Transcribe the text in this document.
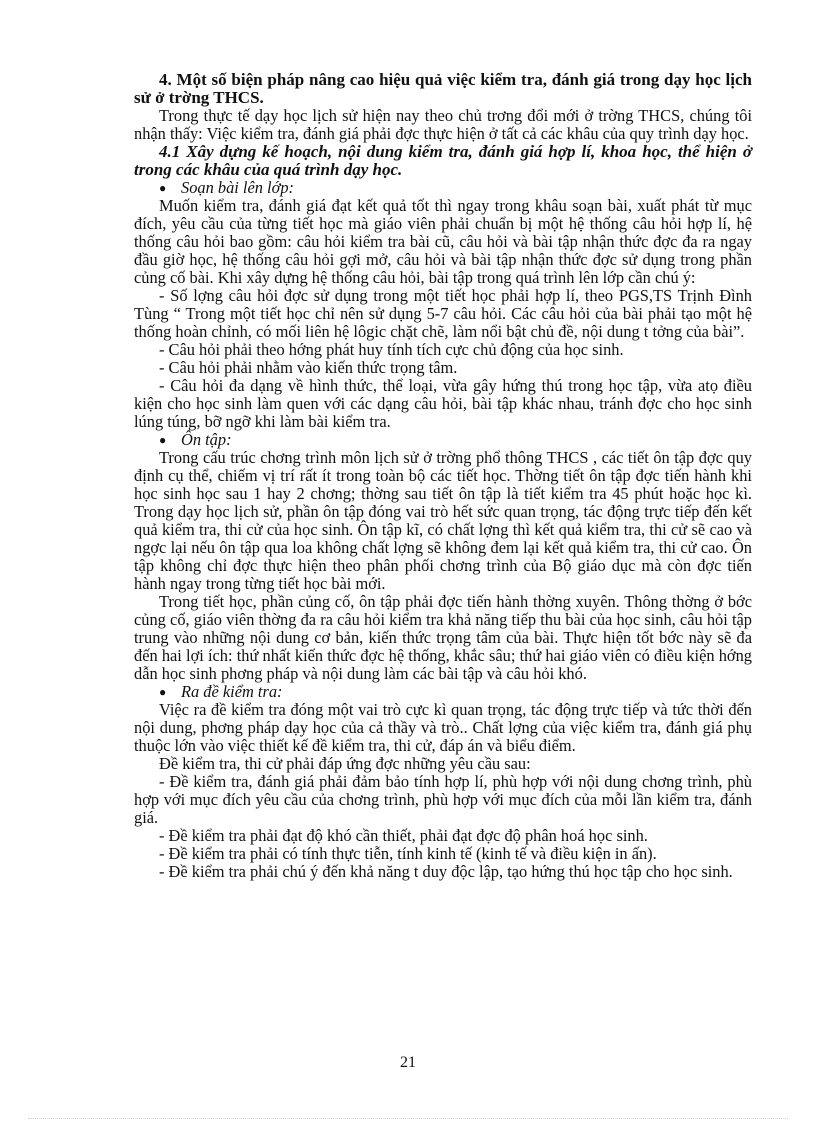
4. Một số biện pháp nâng cao hiệu quả việc kiểm tra, đánh giá trong dạy học lịch sử ở trờng THCS.

Trong thực tế dạy học lịch sử hiện nay theo chủ trơng đổi mới ở trờng THCS, chúng tôi nhận thấy: Việc kiểm tra, đánh giá phải đợc thực hiện ở tất cả các khâu của quy trình dạy học.

4.1 Xây dựng kế hoạch, nội dung kiểm tra, đánh giá hợp lí, khoa học, thể hiện ở trong các khâu của quá trình dạy học.

● Soạn bài lên lớp:

Muốn kiểm tra, đánh giá đạt kết quả tốt thì ngay trong khâu soạn bài, xuất phát từ mục đích, yêu cầu của từng tiết học mà giáo viên phải chuẩn bị một hệ thống câu hỏi hợp lí, hệ thống câu hỏi bao gồm: câu hỏi kiểm tra bài cũ, câu hỏi và bài tập nhận thức đợc đa ra ngay đầu giờ học, hệ thống câu hỏi gợi mở, câu hỏi và bài tập nhận thức đợc sử dụng trong phần củng cố bài. Khi xây dựng hệ thống câu hỏi, bài tập trong quá trình lên lớp cần chú ý:

- Số lợng câu hỏi đợc sử dụng trong một tiết học phải hợp lí, theo PGS,TS Trịnh Đình Tùng “ Trong một tiết học chỉ nên sử dụng 5-7 câu hỏi. Các câu hỏi của bài phải tạo một hệ thống hoàn chỉnh, có mối liên hệ lôgic chặt chẽ, làm nổi bật chủ đề, nội dung t tởng của bài”.

- Câu hỏi phải theo hớng phát huy tính tích cực chủ động của học sinh.

- Câu hỏi phải nhằm vào kiến thức trọng tâm.

- Câu hỏi đa dạng về hình thức, thể loại, vừa gây hứng thú trong học tập, vừa atọ điều kiện cho học sinh làm quen với các dạng câu hỏi, bài tập khác nhau, tránh đợc cho học sinh lúng túng, bỡ ngỡ khi làm bài kiểm tra.

● Ôn tập:

Trong cấu trúc chơng trình môn lịch sử ở trờng phổ thông THCS , các tiết ôn tập đợc quy định cụ thể, chiếm vị trí rất ít trong toàn bộ các tiết học. Thờng tiết ôn tập đợc tiến hành khi học sinh học sau 1 hay 2 chơng; thờng sau tiết ôn tập là tiết kiểm tra 45 phút hoặc học kì. Trong dạy học lịch sử, phần ôn tập đóng vai trò hết sức quan trọng, tác động trực tiếp đến kết quả kiểm tra, thi cử của học sinh. Ôn tập kĩ, có chất lợng thì kết quả kiểm tra, thi cử sẽ cao và ngợc lại nếu ôn tập qua loa không chất lợng sẽ không đem lại kết quả kiểm tra, thi cử cao. Ôn tập không chỉ đợc thực hiện theo phân phối chơng trình của Bộ giáo dục mà còn đợc tiến hành ngay trong từng tiết học bài mới.

Trong tiết học, phần củng cố, ôn tập phải đợc tiến hành thờng xuyên. Thông thờng ở bớc củng cố, giáo viên thờng đa ra câu hỏi kiểm tra khả năng tiếp thu bài của học sinh, câu hỏi tập trung vào những nội dung cơ bản, kiến thức trọng tâm của bài. Thực hiện tốt bớc này sẽ đa đến hai lợi ích: thứ nhất kiến thức đợc hệ thống, khắc sâu; thứ hai giáo viên có điều kiện hớng dẫn học sinh phơng pháp và nội dung làm các bài tập và câu hỏi khó.

● Ra đề kiểm tra:

Việc ra đề kiểm tra đóng một vai trò cực kì quan trọng, tác động trực tiếp và tức thời đến nội dung, phơng pháp dạy học của cả thầy và trò.. Chất lợng của việc kiểm tra, đánh giá phụ thuộc lớn vào việc thiết kế đề kiểm tra, thi cử, đáp án và biểu điểm.

Đề kiểm tra, thi cử phải đáp ứng đợc những yêu cầu sau:

- Đề kiểm tra, đánh giá phải đảm bảo tính hợp lí, phù hợp với nội dung chơng trình, phù hợp với mục đích yêu cầu của chơng trình, phù hợp với mục đích của mỗi lần kiểm tra, đánh giá.

- Đề kiểm tra phải đạt độ khó cần thiết, phải đạt đợc độ phân hoá học sinh.

- Đề kiểm tra phải có tính thực tiễn, tính kinh tế (kinh tế và điều kiện in ấn).

- Đề kiểm tra phải chú ý đến khả năng t duy độc lập, tạo hứng thú học tập cho học sinh.

21
